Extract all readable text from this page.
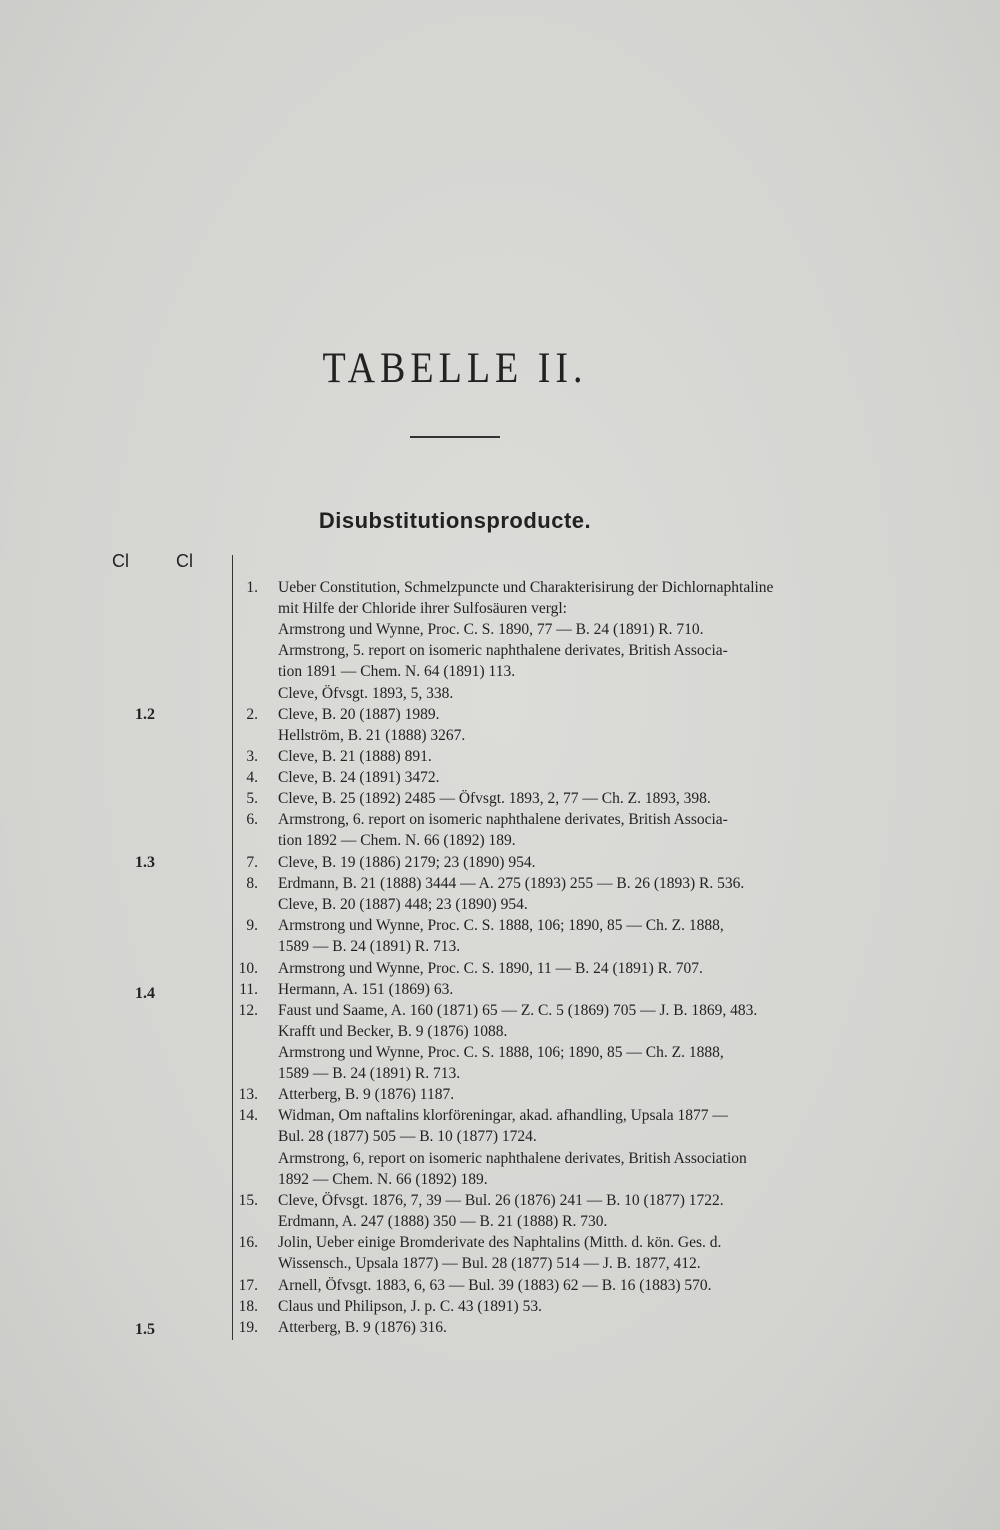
TABELLE II.
Disubstitutionsproducte.
Cl	Cl
1.2
1.3
1.4
1.5
1. Ueber Constitution, Schmelzpuncte und Charakterisirung der Dichlornaphtaline
mit Hilfe der Chloride ihrer Sulfosäuren vergl:
Armstrong und Wynne, Proc. C. S. 1890, 77 — B. 24 (1891) R. 710.
Armstrong, 5. report on isomeric naphthalene derivates, British Associa-
tion 1891 — Chem. N. 64 (1891) 113.
Cleve, Öfvsgt. 1893, 5, 338.
2. Cleve, B. 20 (1887) 1989.
Hellström, B. 21 (1888) 3267.
3. Cleve, B. 21 (1888) 891.
4. Cleve, B. 24 (1891) 3472.
5. Cleve, B. 25 (1892) 2485 — Öfvsgt. 1893, 2, 77 — Ch. Z. 1893, 398.
6. Armstrong, 6. report on isomeric naphthalene derivates, British Associa-
tion 1892 — Chem. N. 66 (1892) 189.
7. Cleve, B. 19 (1886) 2179; 23 (1890) 954.
8. Erdmann, B. 21 (1888) 3444 — A. 275 (1893) 255 — B. 26 (1893) R. 536.
Cleve, B. 20 (1887) 448; 23 (1890) 954.
9. Armstrong und Wynne, Proc. C. S. 1888, 106; 1890, 85 — Ch. Z. 1888,
1589 — B. 24 (1891) R. 713.
10. Armstrong und Wynne, Proc. C. S. 1890, 11 — B. 24 (1891) R. 707.
11. Hermann, A. 151 (1869) 63.
12. Faust und Saame, A. 160 (1871) 65 — Z. C. 5 (1869) 705 — J. B. 1869, 483.
Krafft und Becker, B. 9 (1876) 1088.
Armstrong und Wynne, Proc. C. S. 1888, 106; 1890, 85 — Ch. Z. 1888,
1589 — B. 24 (1891) R. 713.
13. Atterberg, B. 9 (1876) 1187.
14. Widman, Om naftalins klorföreningar, akad. afhandling, Upsala 1877 —
Bul. 28 (1877) 505 — B. 10 (1877) 1724.
Armstrong, 6, report on isomeric naphthalene derivates, British Association
1892 — Chem. N. 66 (1892) 189.
15. Cleve, Öfvsgt. 1876, 7, 39 — Bul. 26 (1876) 241 — B. 10 (1877) 1722.
Erdmann, A. 247 (1888) 350 — B. 21 (1888) R. 730.
16. Jolin, Ueber einige Bromderivate des Naphtalins (Mitth. d. kön. Ges. d.
Wissensch., Upsala 1877) — Bul. 28 (1877) 514 — J. B. 1877, 412.
17. Arnell, Öfvsgt. 1883, 6, 63 — Bul. 39 (1883) 62 — B. 16 (1883) 570.
18. Claus und Philipson, J. p. C. 43 (1891) 53.
19. Atterberg, B. 9 (1876) 316.
